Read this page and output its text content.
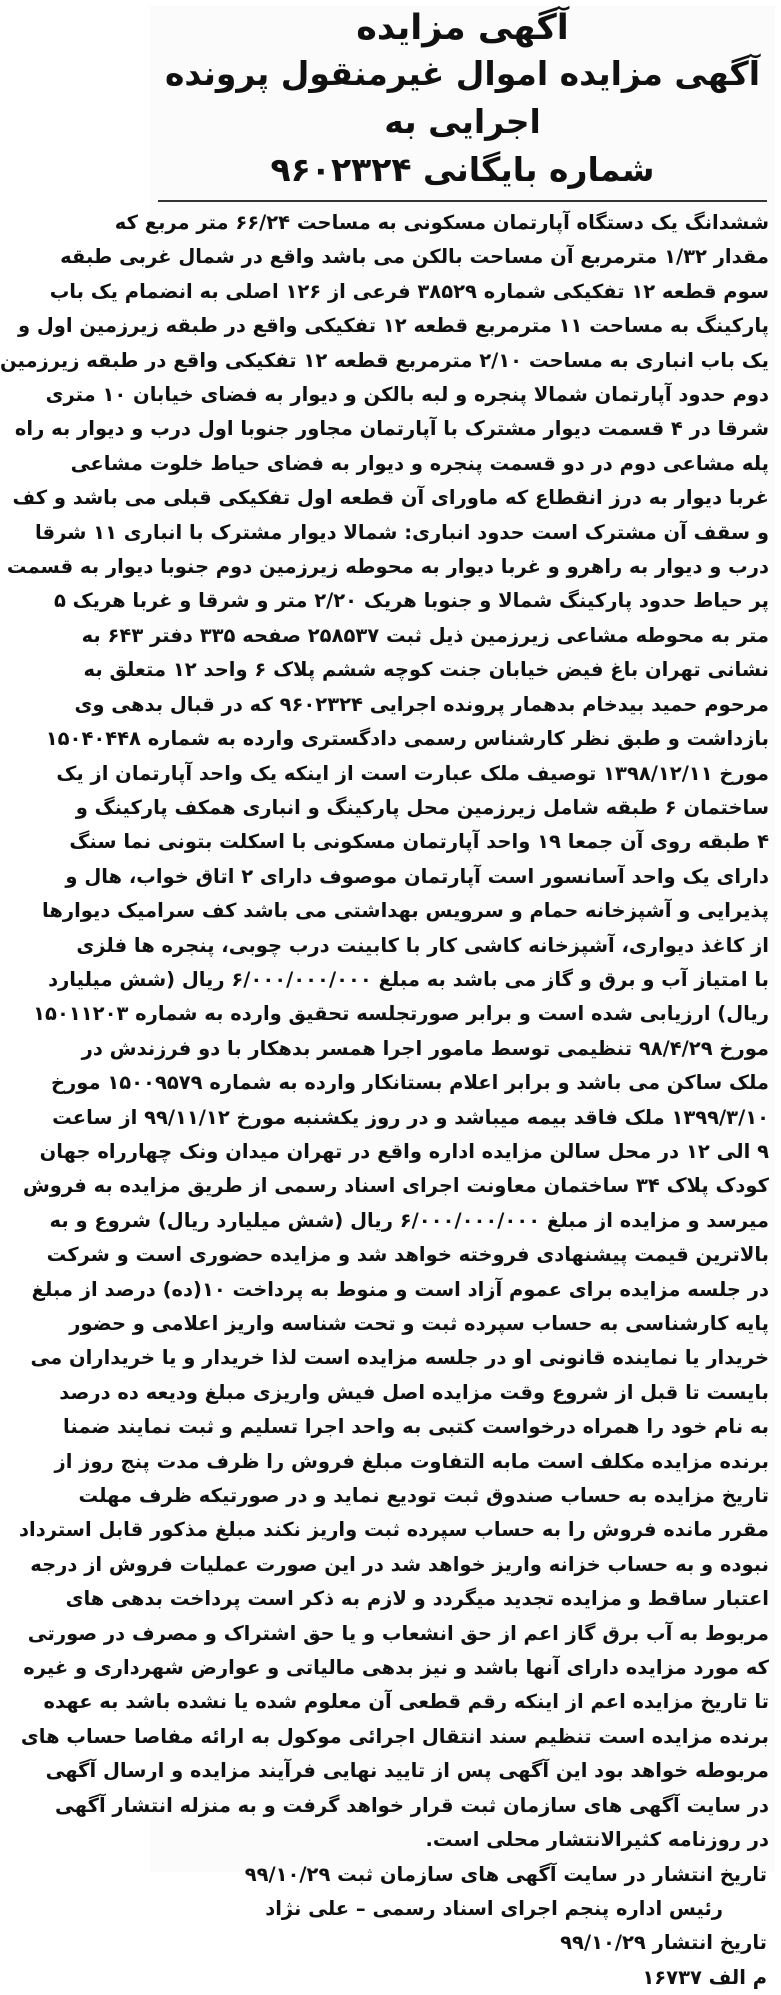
آگهی مزایده
آگهی مزایده اموال غیرمنقول پرونده اجرایی به
شماره بایگانی ۹۶۰۲۳۲۴
ششدانگ یک دستگاه آپارتمان مسکونی به مساحت ۶۶/۲۴ متر مربع که
مقدار ۱/۳۲ مترمربع آن مساحت بالکن می باشد واقع در شمال غربی طبقه
سوم قطعه ۱۲ تفکیکی شماره ۳۸۵۲۹ فرعی از ۱۲۶ اصلی به انضمام یک باب
پارکینگ به مساحت ۱۱ مترمربع قطعه ۱۲ تفکیکی واقع در طبقه زیرزمین اول و
یک باب انباری به مساحت ۲/۱۰ مترمربع قطعه ۱۲ تفکیکی واقع در طبقه زیرزمین
دوم حدود آپارتمان شمالا پنجره و لبه بالکن و دیوار به فضای خیابان ۱۰ متری
شرقا در ۴ قسمت دیوار مشترک با آپارتمان مجاور جنوبا اول درب و دیوار به راه
پله مشاعی دوم در دو قسمت پنجره و دیوار به فضای حیاط خلوت مشاعی
غربا دیوار به درز انقطاع که ماورای آن قطعه اول تفکیکی قبلی می باشد و کف
و سقف آن مشترک است حدود انباری: شمالا دیوار مشترک با انباری ۱۱ شرقا
درب و دیوار به راهرو و غربا دیوار به محوطه زیرزمین دوم جنوبا دیوار به قسمت
پر حیاط حدود پارکینگ شمالا و جنوبا هریک ۲/۲۰ متر و شرقا و غربا هریک ۵
متر به محوطه مشاعی زیرزمین ذیل ثبت ۲۵۸۵۳۷ صفحه ۳۳۵ دفتر ۶۴۳ به
نشانی تهران باغ فیض خیابان جنت کوچه ششم پلاک ۶ واحد ۱۲ متعلق به
مرحوم حمید بیدخام بدهمار پرونده اجرایی ۹۶۰۲۳۲۴ که در قبال بدهی وی
بازداشت و طبق نظر کارشناس رسمی دادگستری وارده به شماره ۱۵۰۴۰۴۴۸
مورخ ۱۳۹۸/۱۲/۱۱ توصیف ملک عبارت است از اینکه یک واحد آپارتمان از یک
ساختمان ۶ طبقه شامل زیرزمین محل پارکینگ و انباری همکف پارکینگ و
۴ طبقه روی آن جمعا ۱۹ واحد آپارتمان مسکونی با اسکلت بتونی نما سنگ
دارای یک واحد آسانسور است آپارتمان موصوف دارای ۲ اتاق خواب، هال و
پذیرایی و آشپزخانه حمام و سرویس بهداشتی می باشد کف سرامیک دیوارها
از کاغذ دیواری، آشپزخانه کاشی کار با کابینت درب چوبی، پنجره ها فلزی
با امتیاز آب و برق و گاز می باشد به مبلغ ۶/۰۰۰/۰۰۰/۰۰۰ ریال (شش میلیارد
ریال) ارزیابی شده است و برابر صورتجلسه تحقیق وارده به شماره ۱۵۰۱۱۲۰۳
مورخ ۹۸/۴/۲۹ تنظیمی توسط مامور اجرا همسر بدهکار با دو فرزندش در
ملک ساکن می باشد و برابر اعلام بستانکار وارده به شماره ۱۵۰۰۹۵۷۹ مورخ
۱۳۹۹/۳/۱۰ ملک فاقد بیمه میباشد و در روز یکشنبه مورخ ۹۹/۱۱/۱۲ از ساعت
۹ الی ۱۲ در محل سالن مزایده اداره واقع در تهران میدان ونک چهارراه جهان
کودک پلاک ۳۴ ساختمان معاونت اجرای اسناد رسمی از طریق مزایده به فروش
میرسد و مزایده از مبلغ ۶/۰۰۰/۰۰۰/۰۰۰ ریال (شش میلیارد ریال) شروع و به
بالاترین قیمت پیشنهادی فروخته خواهد شد و مزایده حضوری است و شرکت
در جلسه مزایده برای عموم آزاد است و منوط به پرداخت ۱۰(ده) درصد از مبلغ
پایه کارشناسی به حساب سپرده ثبت و تحت شناسه واریز اعلامی و حضور
خریدار یا نماینده قانونی او در جلسه مزایده است لذا خریدار و یا خریداران می
بایست تا قبل از شروع وقت مزایده اصل فیش واریزی مبلغ ودیعه ده درصد
به نام خود را همراه درخواست کتبی به واحد اجرا تسلیم و ثبت نمایند ضمنا
برنده مزایده مکلف است مابه التفاوت مبلغ فروش را ظرف مدت پنج روز از
تاریخ مزایده به حساب صندوق ثبت تودیع نماید و در صورتیکه ظرف مهلت
مقرر مانده فروش را به حساب سپرده ثبت واریز نکند مبلغ مذکور قابل استرداد
نبوده و به حساب خزانه واریز خواهد شد در این صورت عملیات فروش از درجه
اعتبار ساقط و مزایده تجدید میگردد و لازم به ذکر است پرداخت بدهی های
مربوط به آب برق گاز اعم از حق انشعاب و یا حق اشتراک و مصرف در صورتی
که مورد مزایده دارای آنها باشد و نیز بدهی مالیاتی و عوارض شهرداری و غیره
تا تاریخ مزایده اعم از اینکه رقم قطعی آن معلوم شده یا نشده باشد به عهده
برنده مزایده است تنظیم سند انتقال اجرائی موکول به ارائه مفاصا حساب های
مربوطه خواهد بود این آگهی پس از تایید نهایی فرآیند مزایده و ارسال آگهی
در سایت آگهی های سازمان ثبت قرار خواهد گرفت و به منزله انتشار آگهی
در روزنامه کثیرالانتشار محلی است.
تاریخ انتشار در سایت آگهی های سازمان ثبت ۹۹/۱۰/۲۹
رئیس اداره پنجم اجرای اسناد رسمی – علی نژاد
تاریخ انتشار ۹۹/۱۰/۲۹
م الف ۱۶۷۳۷
